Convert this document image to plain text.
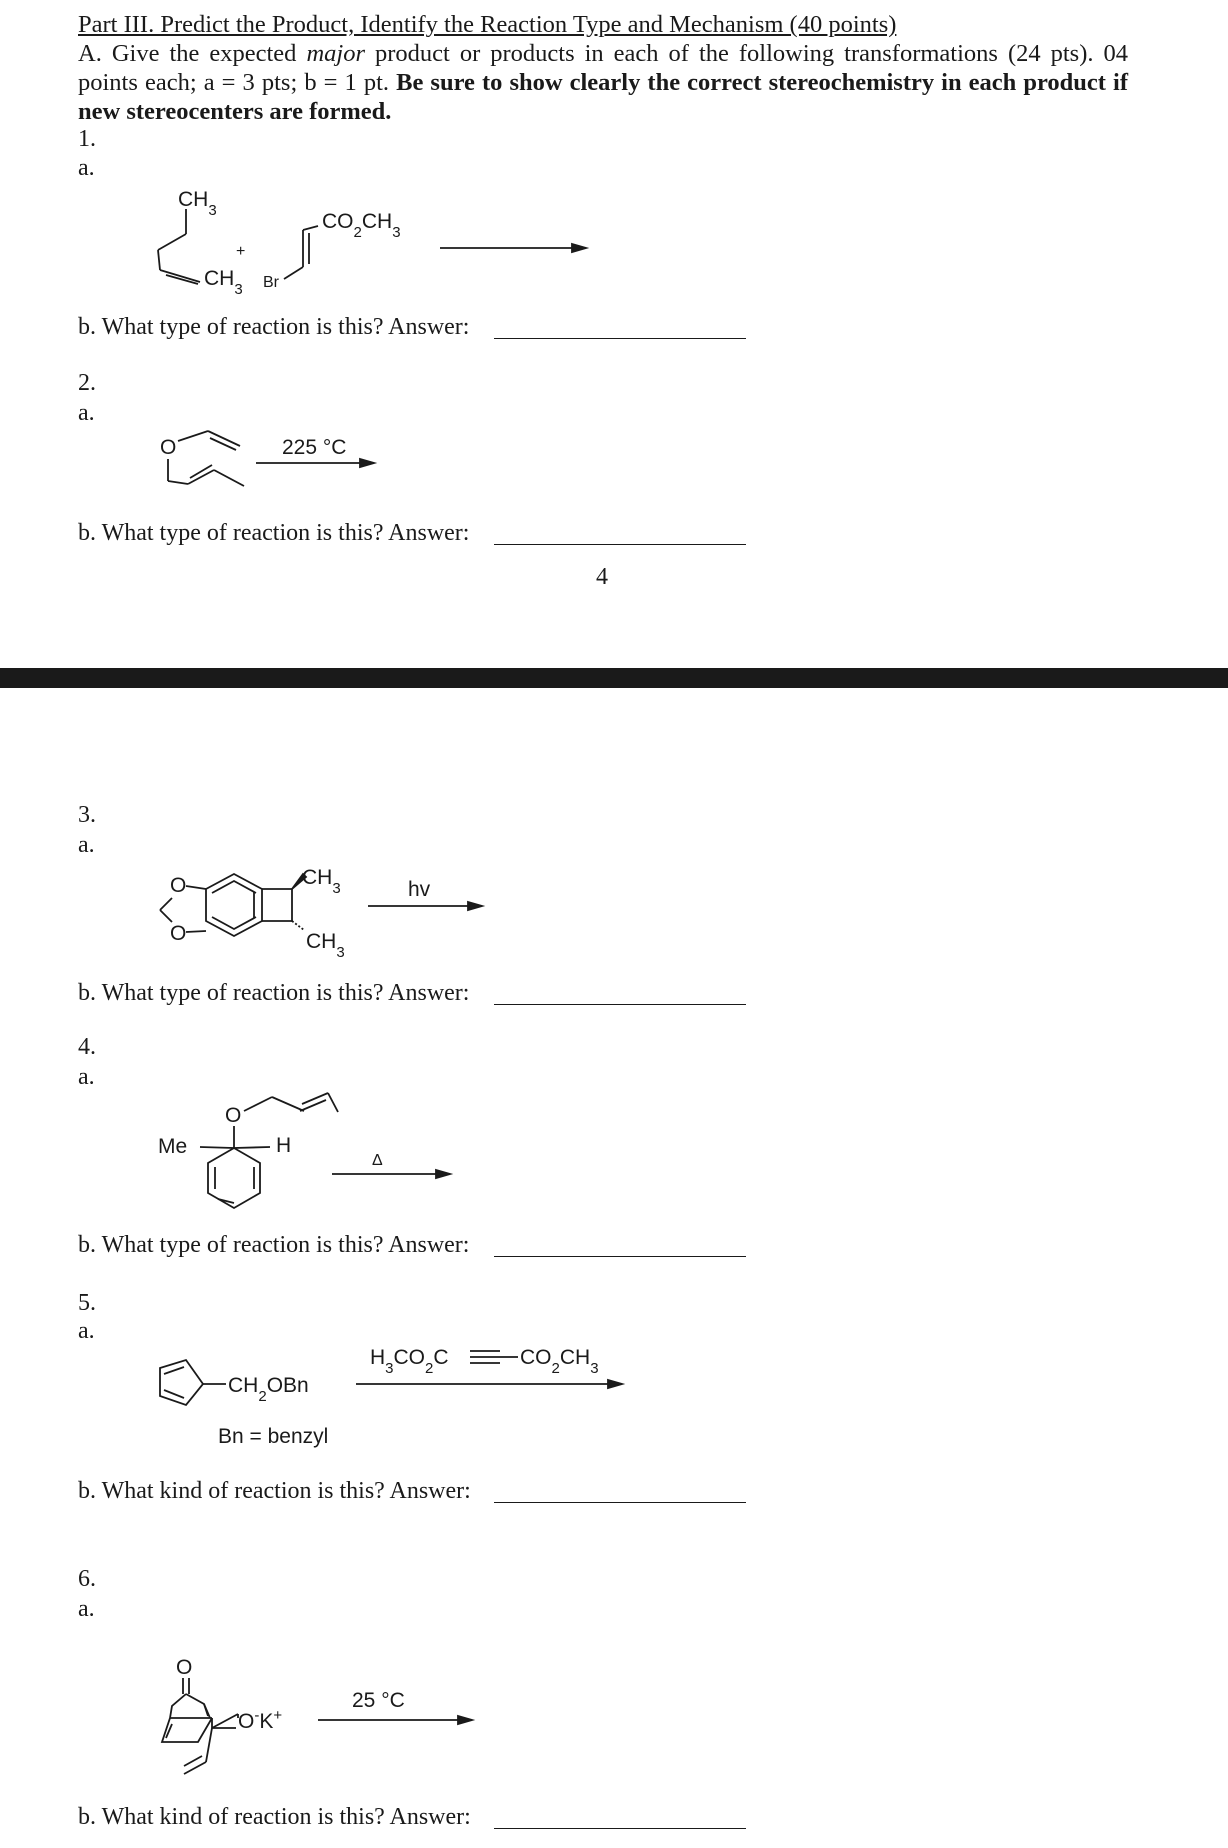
Part III. Predict the Product, Identify the Reaction Type and Mechanism (40 points)

A. Give the expected major product or products in each of the following transformations (24 pts). 04 points each; a = 3 pts; b = 1 pt. Be sure to show clearly the correct stereochemistry in each product if new stereocenters are formed.

1.
a.
$CH_3$
+
$CH_3$ Br
$CO_2CH_3$
b. What type of reaction is this? Answer:
2.
a.
O	225 °C
b. What type of reaction is this? Answer:
4
3.
a.
O
O
$CH_3$
$CH_3$
hv
b. What type of reaction is this? Answer:
4.
a.
O
Me	H
Δ
b. What type of reaction is this? Answer:
5.
a.
$CH_2OBn$
Bn = benzyl
$H_3CO_2C$	$CO_2CH_3$
b. What kind of reaction is this? Answer:
6.
a.
O
O-K+
25 °C
b. What kind of reaction is this? Answer:
